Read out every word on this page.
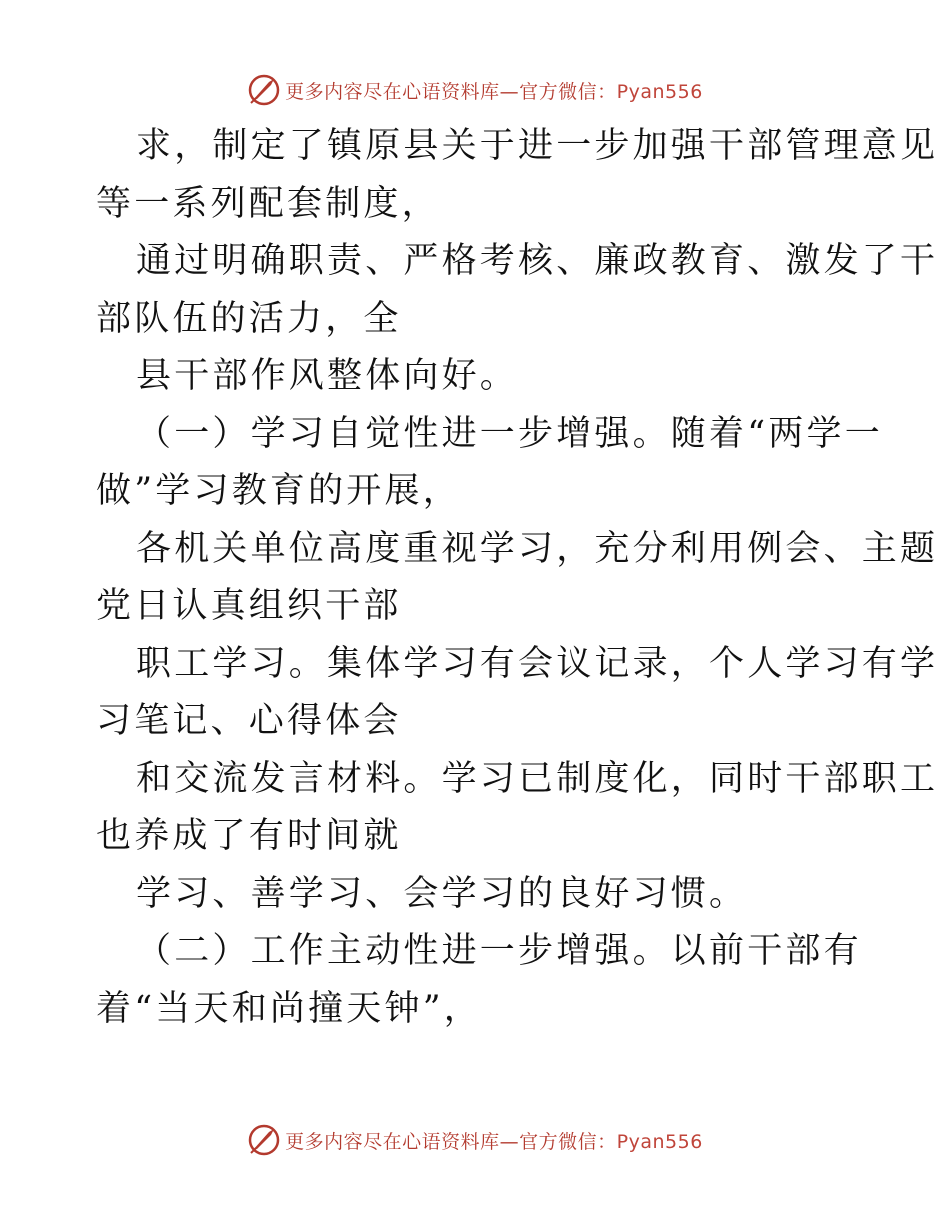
更多内容尽在心语资料库—官方微信：Pyan556

求，制定了镇原县关于进一步加强干部管理意见

等一系列配套制度，

通过明确职责、严格考核、廉政教育、激发了干

部队伍的活力，全

县干部作风整体向好。

（一）学习自觉性进一步增强。随着“两学一

做”学习教育的开展，

各机关单位高度重视学习，充分利用例会、主题

党日认真组织干部

职工学习。集体学习有会议记录，个人学习有学

习笔记、心得体会

和交流发言材料。学习已制度化，同时干部职工

也养成了有时间就

学习、善学习、会学习的良好习惯。

（二）工作主动性进一步增强。以前干部有

着“当天和尚撞天钟”，

更多内容尽在心语资料库—官方微信：Pyan556
